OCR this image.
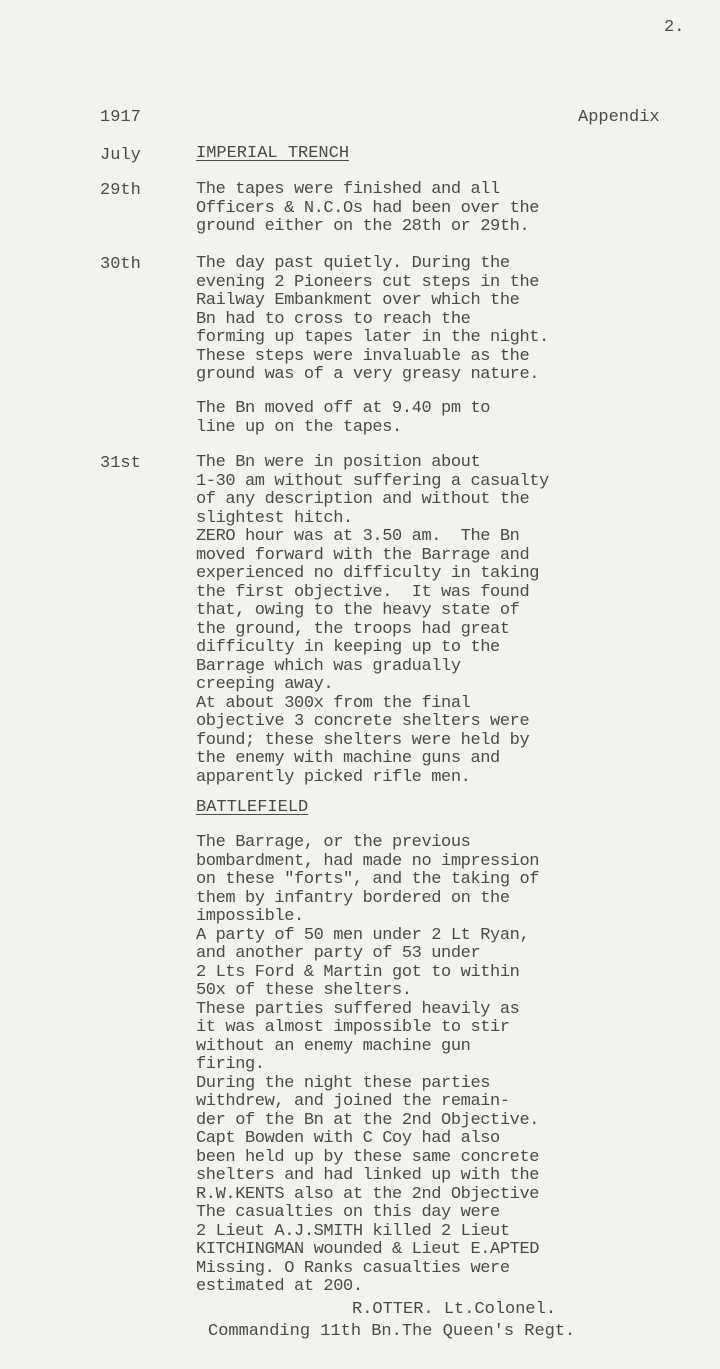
2.
1917	Appendix
July	IMPERIAL TRENCH
29th	The tapes were finished and all
Officers & N.C.Os had been over the
ground either on the 28th or 29th.
30th	The day past quietly. During the
evening 2 Pioneers cut steps in the
Railway Embankment over which the
Bn had to cross to reach the
forming up tapes later in the night.
These steps were invaluable as the
ground was of a very greasy nature.
The Bn moved off at 9.40 pm to
line up on the tapes.
31st	The Bn were in position about
1-30 am without suffering a casualty
of any description and without the
slightest hitch.
ZERO hour was at 3.50 am.  The Bn
moved forward with the Barrage and
experienced no difficulty in taking
the first objective.  It was found
that, owing to the heavy state of
the ground, the troops had great
difficulty in keeping up to the
Barrage which was gradually
creeping away.
At about 300x from the final
objective 3 concrete shelters were
found; these shelters were held by
the enemy with machine guns and
apparently picked rifle men.
BATTLEFIELD
The Barrage, or the previous
bombardment, had made no impression
on these "forts", and the taking of
them by infantry bordered on the
impossible.
A party of 50 men under 2 Lt Ryan,
and another party of 53 under
2 Lts Ford & Martin got to within
50x of these shelters.
These parties suffered heavily as
it was almost impossible to stir
without an enemy machine gun
firing.
During the night these parties
withdrew, and joined the remain-
der of the Bn at the 2nd Objective.
Capt Bowden with C Coy had also
been held up by these same concrete
shelters and had linked up with the
R.W.KENTS also at the 2nd Objective
The casualties on this day were
2 Lieut A.J.SMITH killed 2 Lieut
KITCHINGMAN wounded & Lieut E.APTED
Missing. O Ranks casualties were
estimated at 200.
R.OTTER. Lt.Colonel.
Commanding 11th Bn.The Queen's Regt.
